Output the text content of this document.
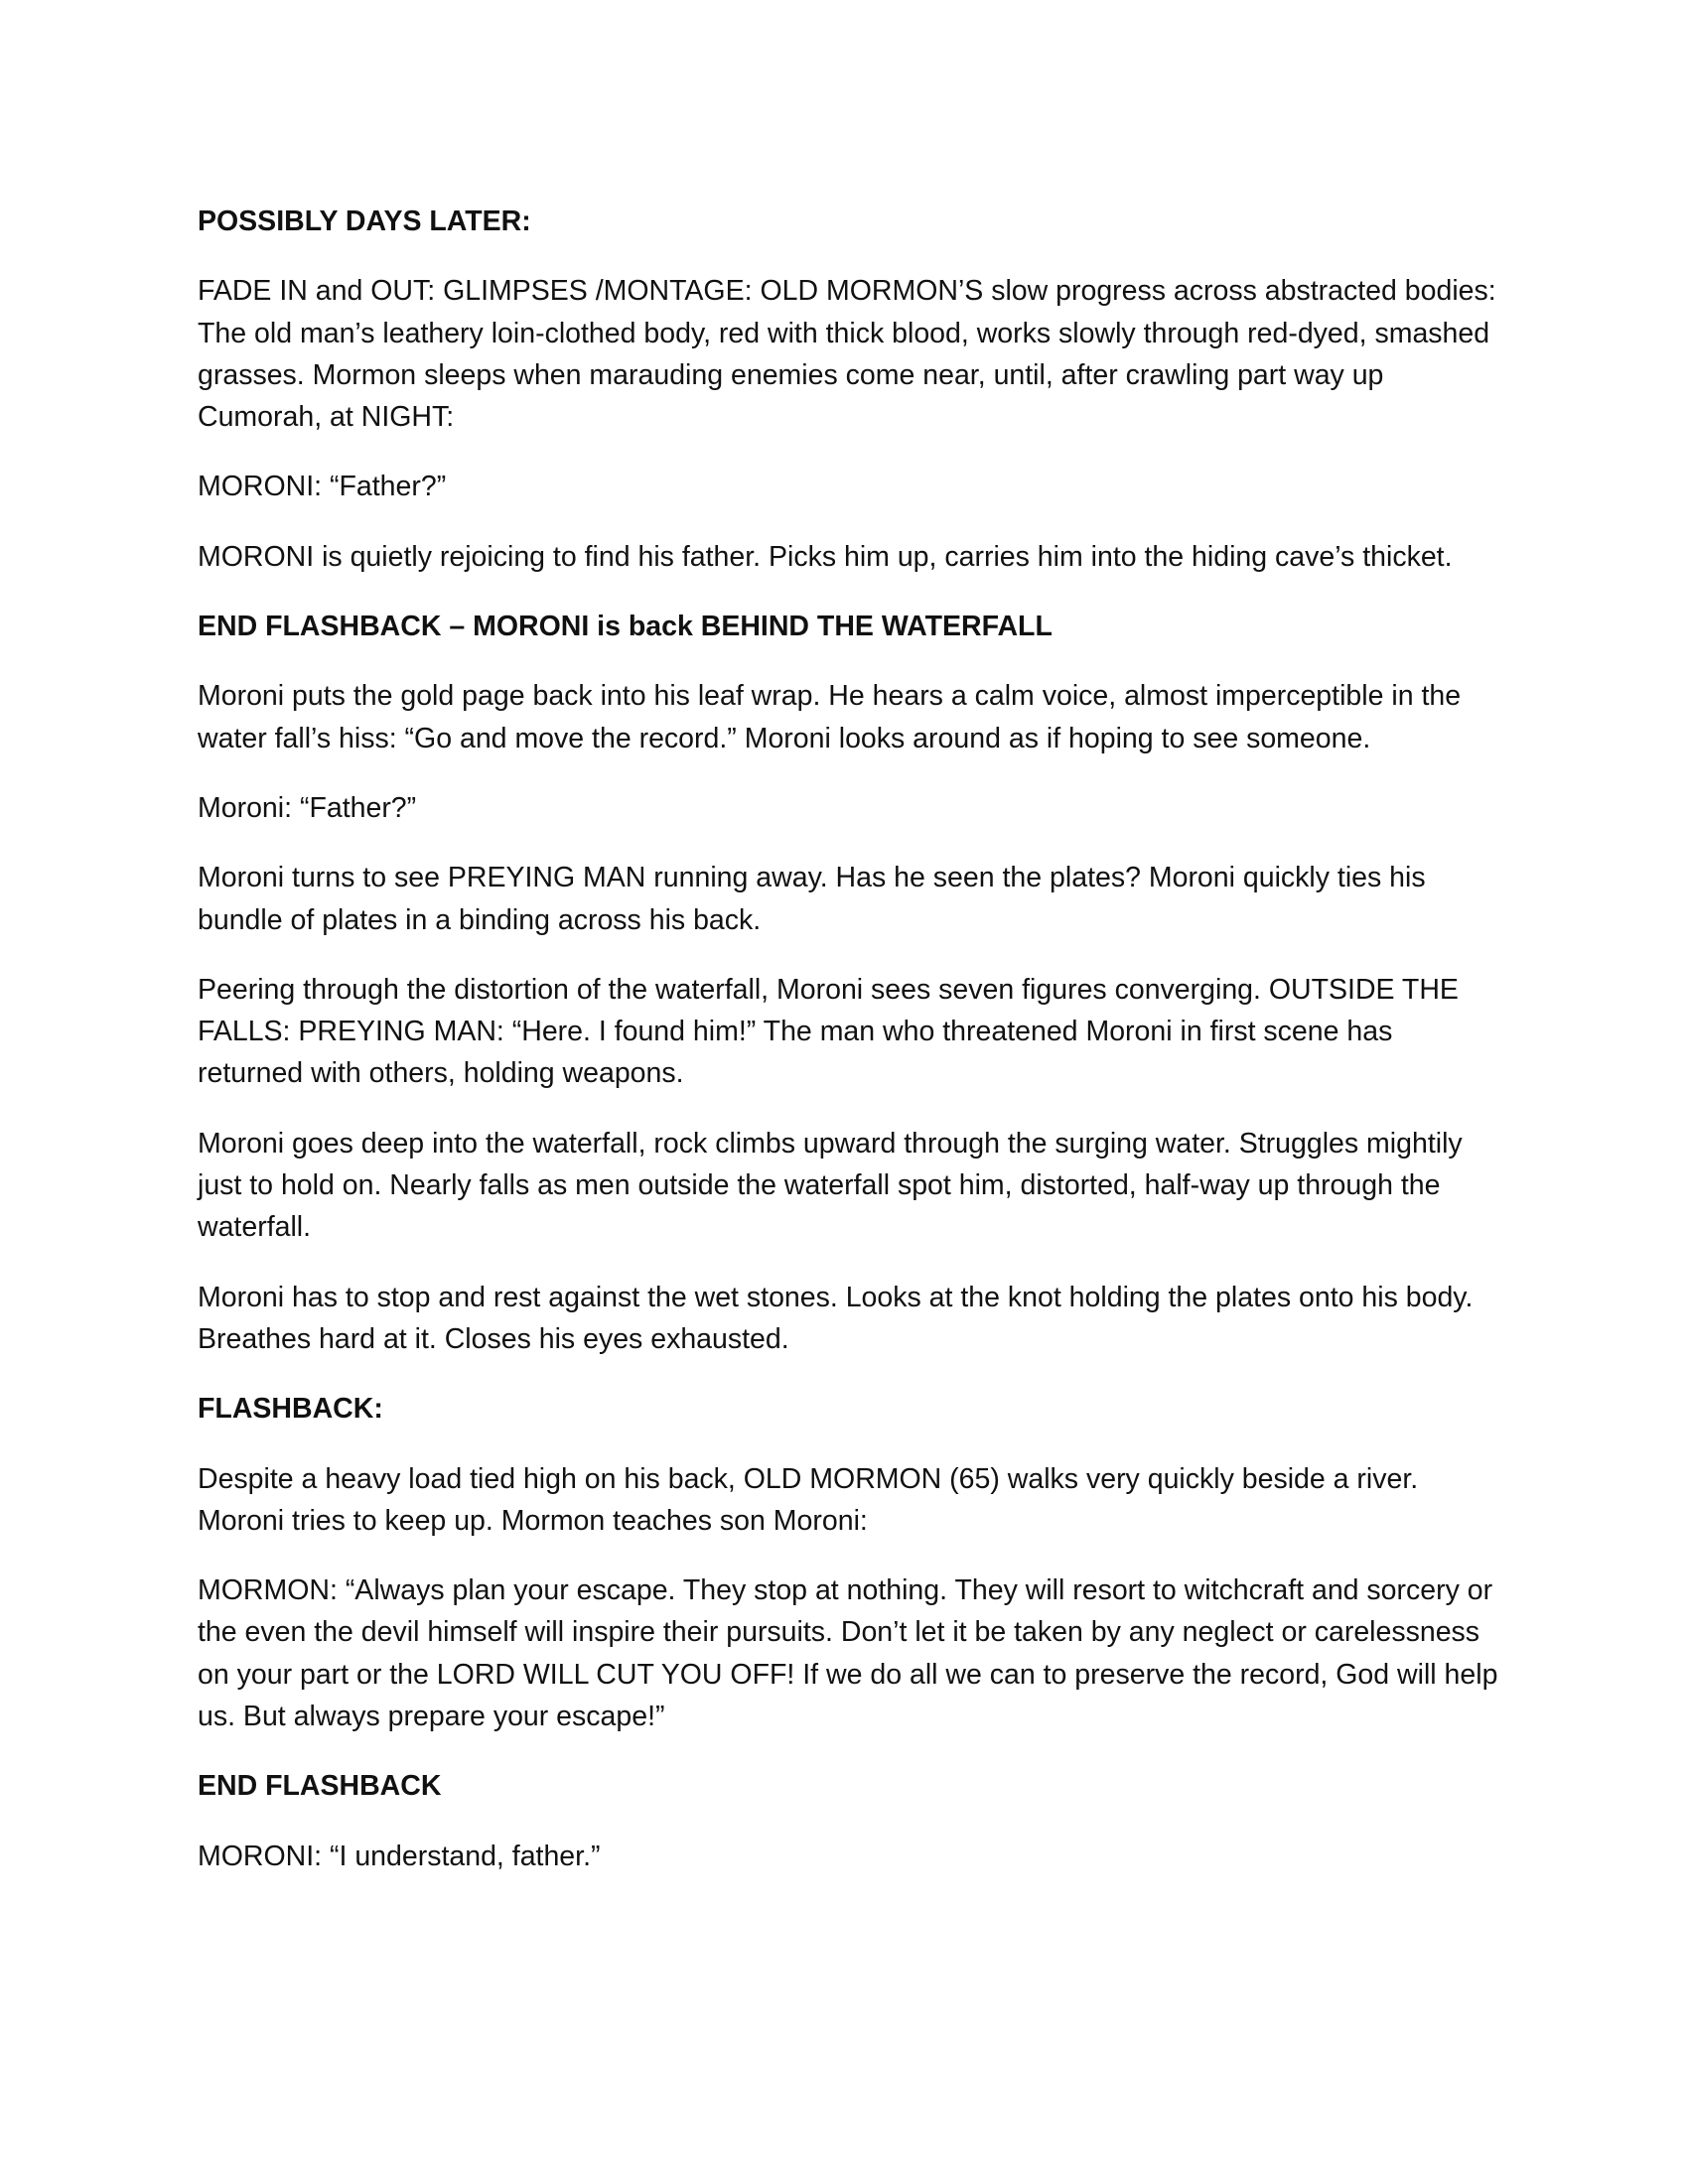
POSSIBLY DAYS LATER:

FADE IN and OUT: GLIMPSES /MONTAGE: OLD MORMON’S slow progress across abstracted bodies: The old man’s leathery loin-clothed body, red with thick blood, works slowly through red-dyed, smashed grasses. Mormon sleeps when marauding enemies come near, until, after crawling part way up Cumorah, at NIGHT:

MORONI: “Father?”

MORONI is quietly rejoicing to find his father. Picks him up, carries him into the hiding cave’s thicket.

END FLASHBACK – MORONI is back BEHIND THE WATERFALL

Moroni puts the gold page back into his leaf wrap. He hears a calm voice, almost imperceptible in the water fall’s hiss: “Go and move the record.” Moroni looks around as if hoping to see someone.

Moroni: “Father?”

Moroni turns to see PREYING MAN running away. Has he seen the plates? Moroni quickly ties his bundle of plates in a binding across his back.

Peering through the distortion of the waterfall, Moroni sees seven figures converging. OUTSIDE THE FALLS: PREYING MAN: “Here. I found him!” The man who threatened Moroni in first scene has returned with others, holding weapons.

Moroni goes deep into the waterfall, rock climbs upward through the surging water. Struggles mightily just to hold on. Nearly falls as men outside the waterfall spot him, distorted, half-way up through the waterfall.

Moroni has to stop and rest against the wet stones. Looks at the knot holding the plates onto his body. Breathes hard at it. Closes his eyes exhausted.

FLASHBACK:

Despite a heavy load tied high on his back, OLD MORMON (65) walks very quickly beside a river. Moroni tries to keep up. Mormon teaches son Moroni:

MORMON: “Always plan your escape. They stop at nothing. They will resort to witchcraft and sorcery or the even the devil himself will inspire their pursuits. Don’t let it be taken by any neglect or carelessness on your part or the LORD WILL CUT YOU OFF! If we do all we can to preserve the record, God will help us. But always prepare your escape!”

END FLASHBACK

MORONI: “I understand, father.”
